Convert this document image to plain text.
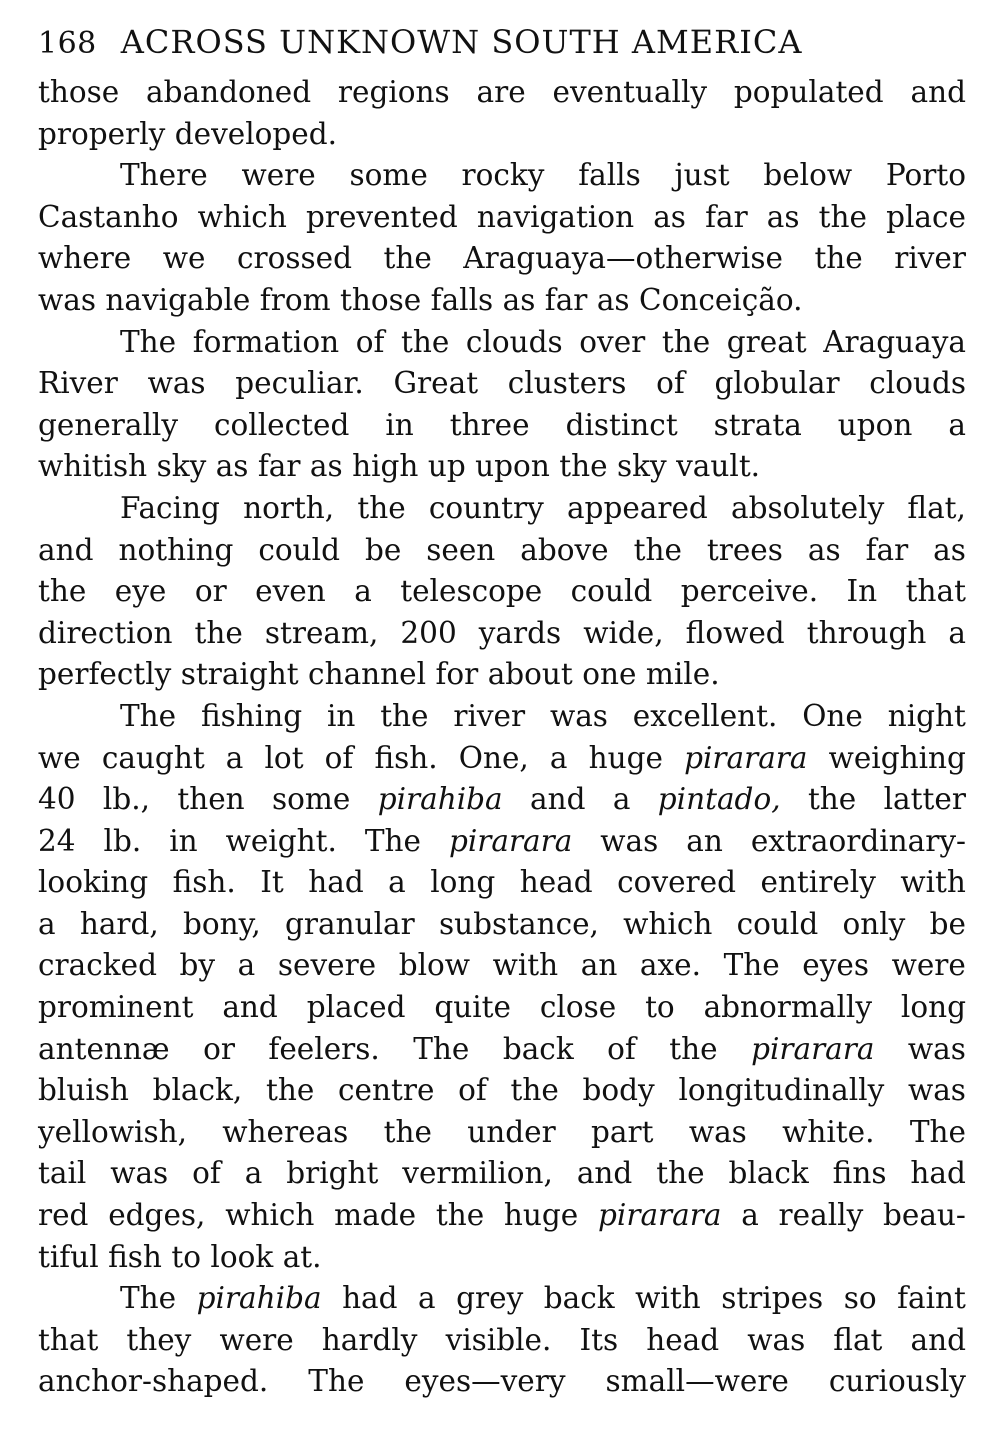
168 ACROSS UNKNOWN SOUTH AMERICA
those abandoned regions are eventually populated and
properly developed.
There were some rocky falls just below Porto
Castanho which prevented navigation as far as the place
where we crossed the Araguaya—otherwise the river
was navigable from those falls as far as Conceição.
The formation of the clouds over the great Araguaya
River was peculiar. Great clusters of globular clouds
generally collected in three distinct strata upon a
whitish sky as far as high up upon the sky vault.
Facing north, the country appeared absolutely flat,
and nothing could be seen above the trees as far as
the eye or even a telescope could perceive. In that
direction the stream, 200 yards wide, flowed through a
perfectly straight channel for about one mile.
The fishing in the river was excellent. One night
we caught a lot of fish. One, a huge pirarara weighing
40 lb., then some pirahiba and a pintado, the latter
24 lb. in weight. The pirarara was an extraordinary-
looking fish. It had a long head covered entirely with
a hard, bony, granular substance, which could only be
cracked by a severe blow with an axe. The eyes were
prominent and placed quite close to abnormally long
antennæ or feelers. The back of the pirarara was
bluish black, the centre of the body longitudinally was
yellowish, whereas the under part was white. The
tail was of a bright vermilion, and the black fins had
red edges, which made the huge pirarara a really beau-
tiful fish to look at.
The pirahiba had a grey back with stripes so faint
that they were hardly visible. Its head was flat and
anchor-shaped. The eyes—very small—were curiously
